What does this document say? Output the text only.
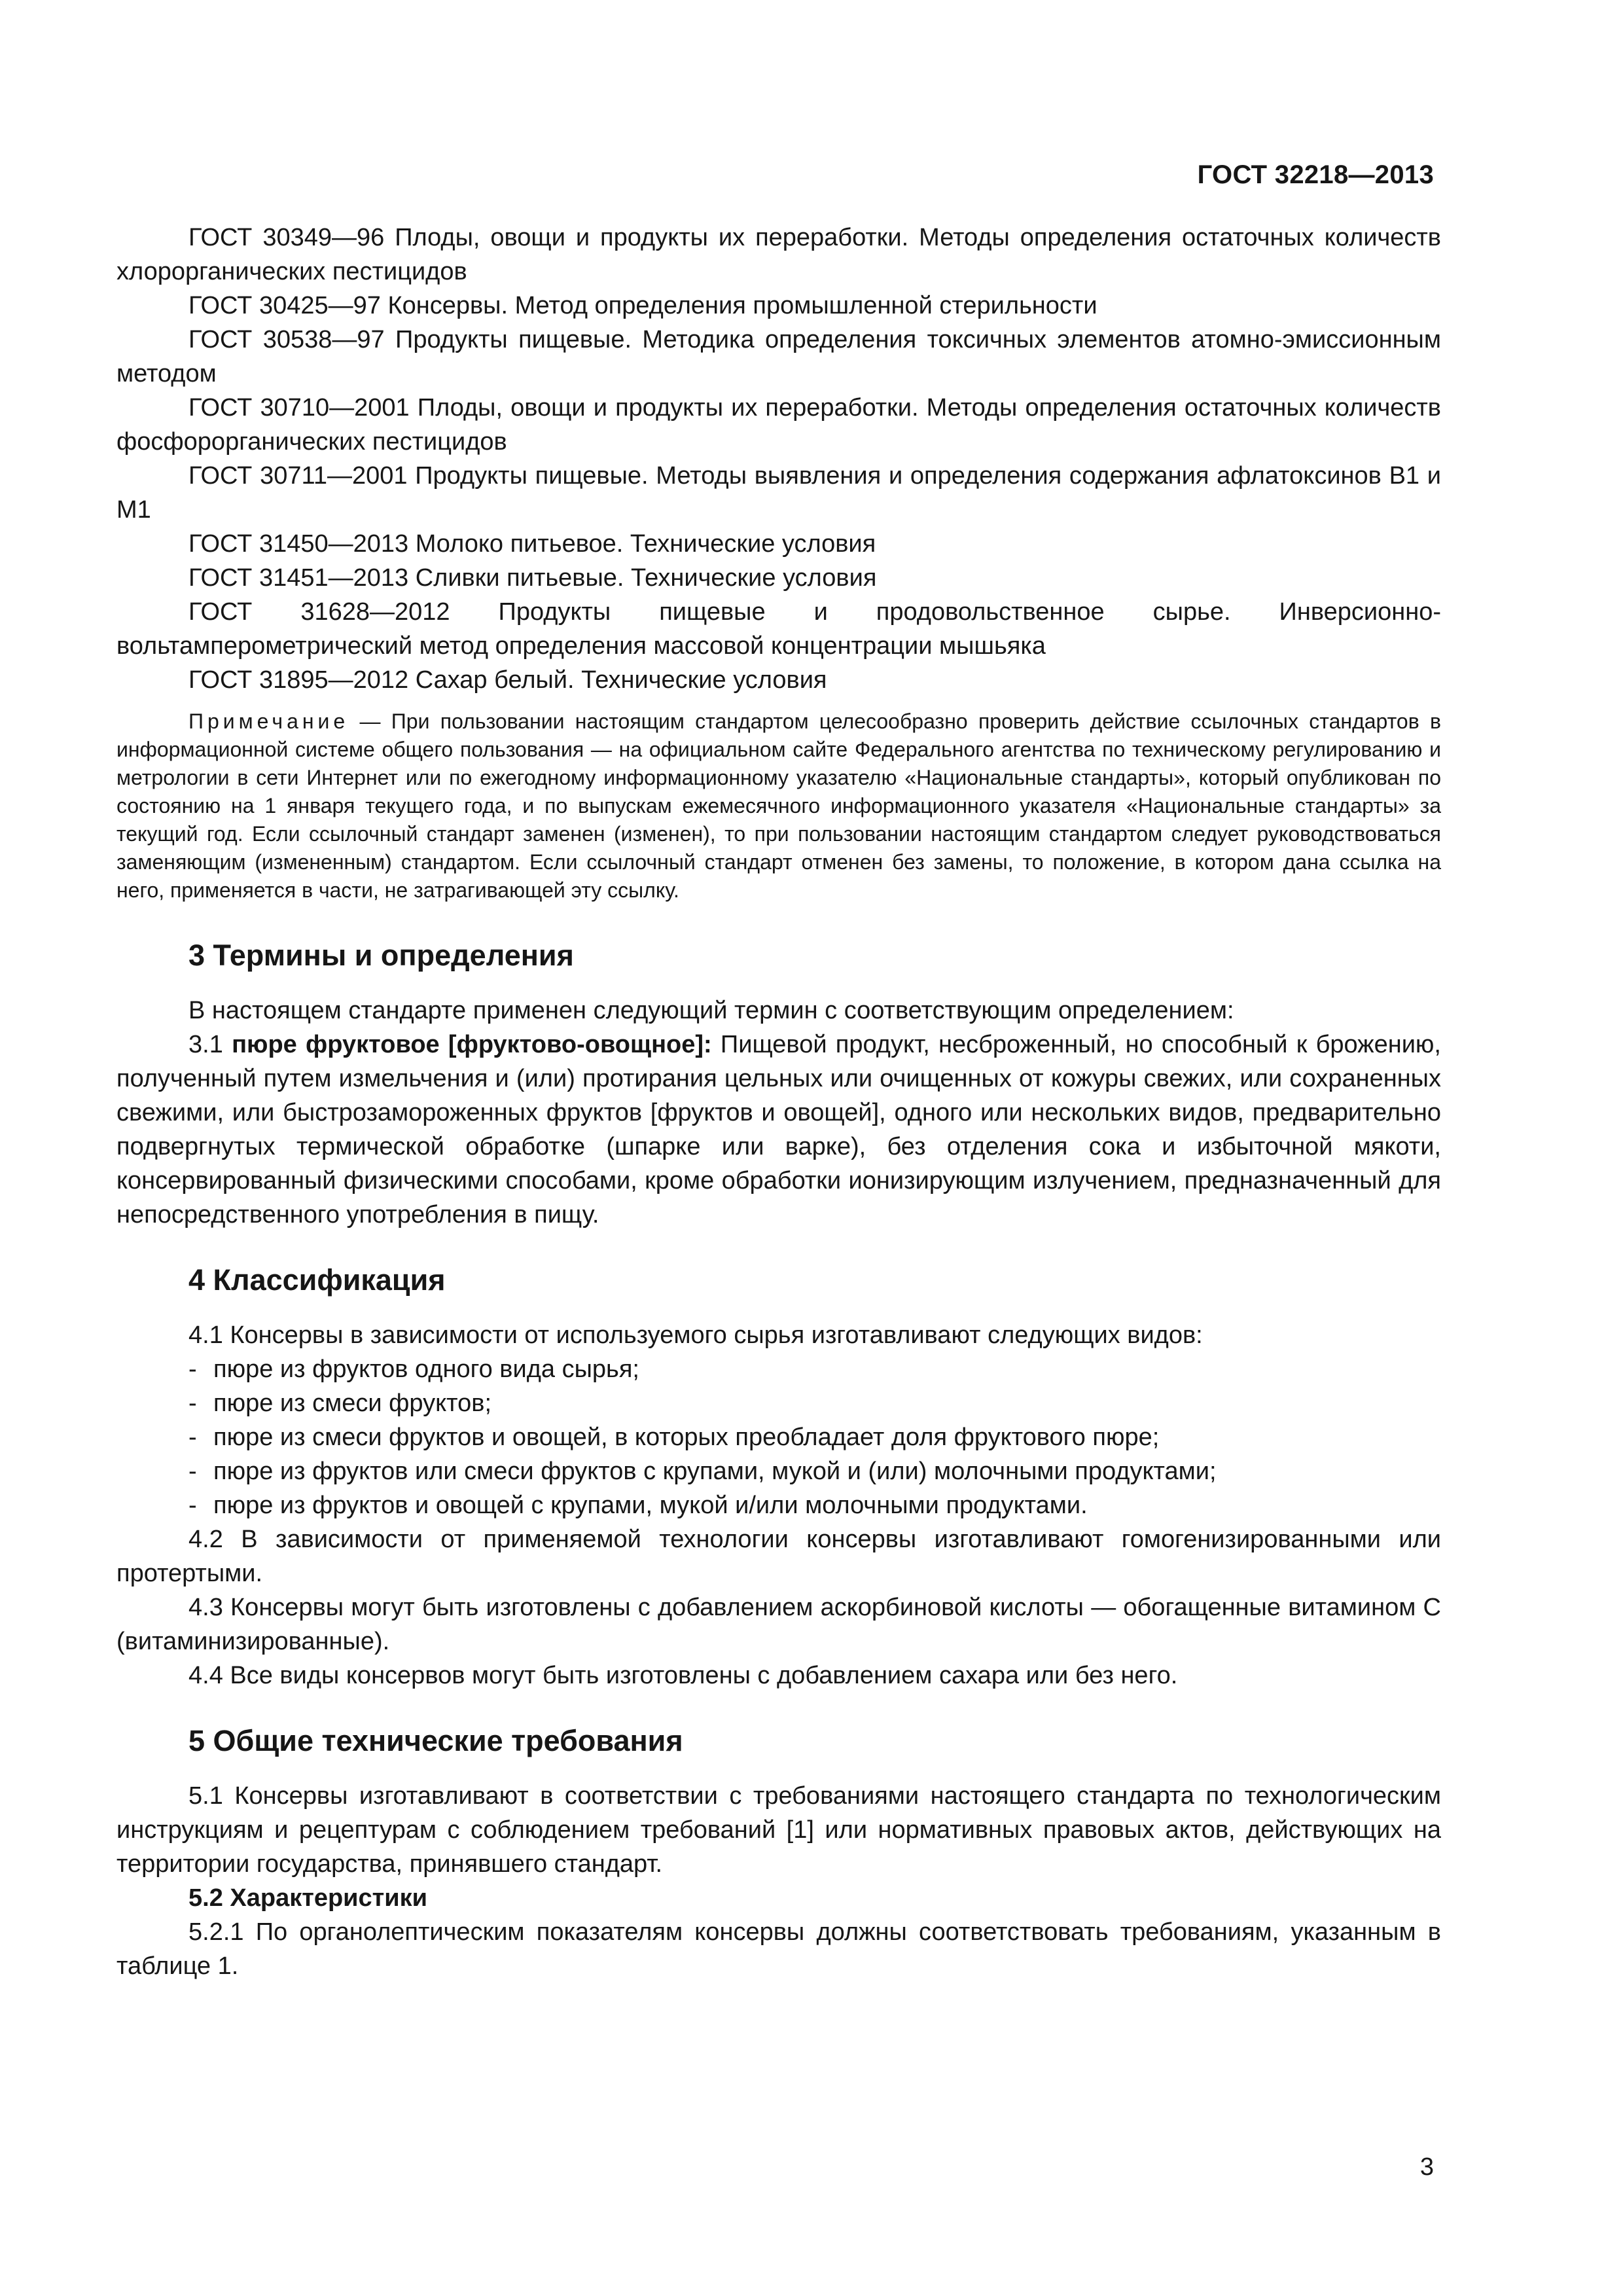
ГОСТ 32218—2013

ГОСТ 30349—96 Плоды, овощи и продукты их переработки. Методы определения остаточных количеств хлорорганических пестицидов

ГОСТ 30425—97 Консервы. Метод определения промышленной стерильности

ГОСТ 30538—97 Продукты пищевые. Методика определения токсичных элементов атомно-эмиссионным методом

ГОСТ 30710—2001 Плоды, овощи и продукты их переработки. Методы определения остаточных количеств фосфорорганических пестицидов

ГОСТ 30711—2001 Продукты пищевые. Методы выявления и определения содержания афлатоксинов В1 и М1

ГОСТ 31450—2013 Молоко питьевое. Технические условия

ГОСТ 31451—2013 Сливки питьевые. Технические условия

ГОСТ 31628—2012 Продукты пищевые и продовольственное сырье. Инверсионно-вольтамперометрический метод определения массовой концентрации мышьяка

ГОСТ 31895—2012 Сахар белый. Технические условия

Примечание — При пользовании настоящим стандартом целесообразно проверить действие ссылочных стандартов в информационной системе общего пользования — на официальном сайте Федерального агентства по техническому регулированию и метрологии в сети Интернет или по ежегодному информационному указателю «Национальные стандарты», который опубликован по состоянию на 1 января текущего года, и по выпускам ежемесячного информационного указателя «Национальные стандарты» за текущий год. Если ссылочный стандарт заменен (изменен), то при пользовании настоящим стандартом следует руководствоваться заменяющим (измененным) стандартом. Если ссылочный стандарт отменен без замены, то положение, в котором дана ссылка на него, применяется в части, не затрагивающей эту ссылку.

3 Термины и определения

В настоящем стандарте применен следующий термин с соответствующим определением:

3.1 пюре фруктовое [фруктово-овощное]: Пищевой продукт, несброженный, но способный к брожению, полученный путем измельчения и (или) протирания цельных или очищенных от кожуры свежих, или сохраненных свежими, или быстрозамороженных фруктов [фруктов и овощей], одного или нескольких видов, предварительно подвергнутых термической обработке (шпарке или варке), без отделения сока и избыточной мякоти, консервированный физическими способами, кроме обработки ионизирующим излучением, предназначенный для непосредственного употребления в пищу.

4 Классификация

4.1 Консервы в зависимости от используемого сырья изготавливают следующих видов:

- пюре из фруктов одного вида сырья;

- пюре из смеси фруктов;

- пюре из смеси фруктов и овощей, в которых преобладает доля фруктового пюре;

- пюре из фруктов или смеси фруктов с крупами, мукой и (или) молочными продуктами;

- пюре из фруктов и овощей с крупами, мукой и/или молочными продуктами.

4.2 В зависимости от применяемой технологии консервы изготавливают гомогенизированными или протертыми.

4.3 Консервы могут быть изготовлены с добавлением аскорбиновой кислоты — обогащенные витамином С (витаминизированные).

4.4 Все виды консервов могут быть изготовлены с добавлением сахара или без него.

5 Общие технические требования

5.1 Консервы изготавливают в соответствии с требованиями настоящего стандарта по технологическим инструкциям и рецептурам с соблюдением требований [1] или нормативных правовых актов, действующих на территории государства, принявшего стандарт.

5.2 Характеристики

5.2.1 По органолептическим показателям консервы должны соответствовать требованиям, указанным в таблице 1.

3
